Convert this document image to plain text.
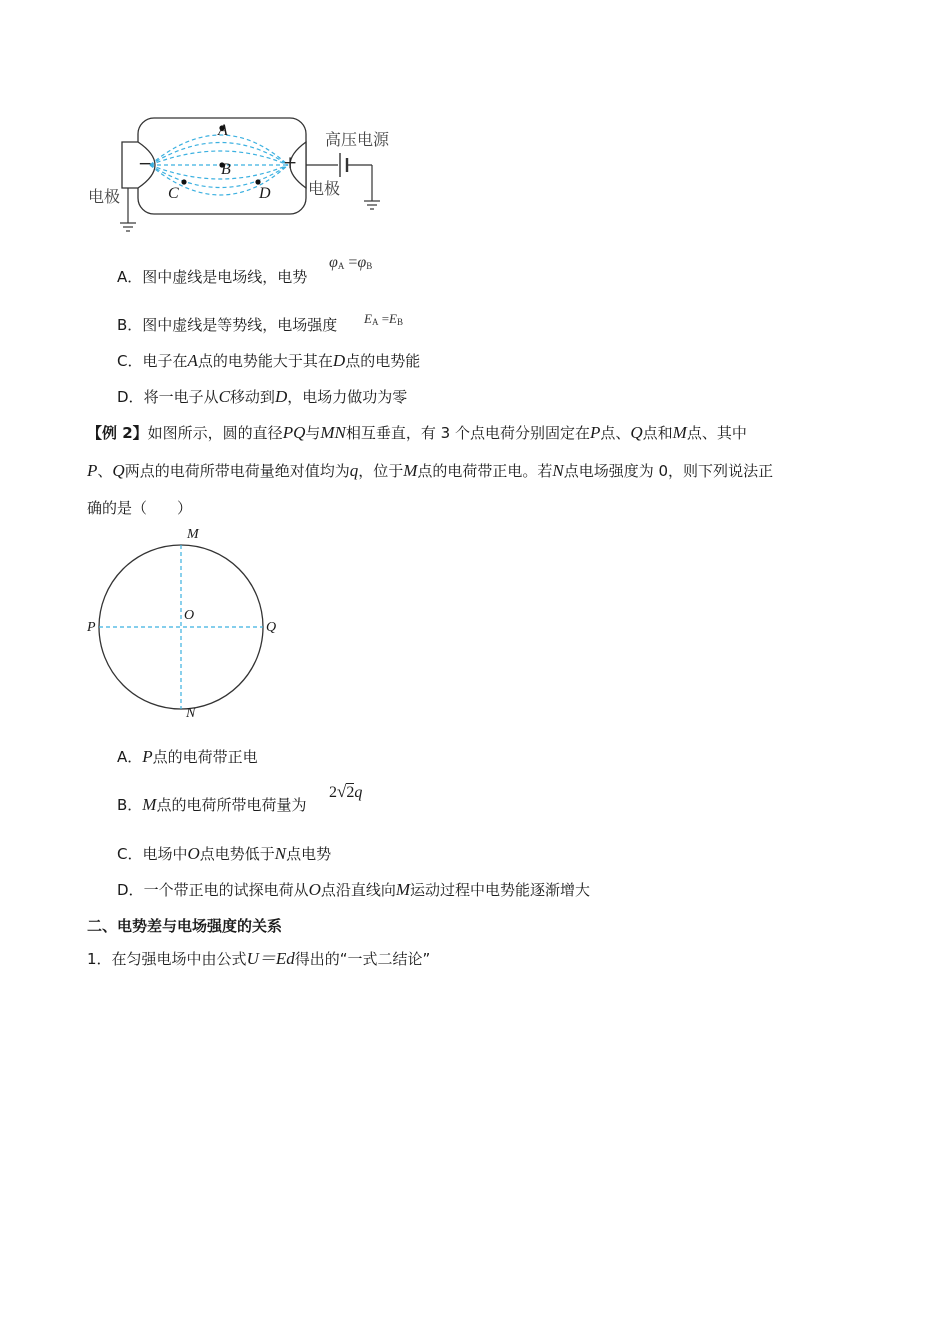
A
B
C	D
−	+
电极	电极
高压电源
A．图中虚线是电场线，电势
$\varphi_A =\varphi_B$
B．图中虚线是等势线，电场强度 $E_A =E_B$
C．电子在A点的电势能大于其在D点的电势能
D．将一电子从C移动到D，电场力做功为零
【例 2】如图所示，圆的直径PQ与MN相互垂直，有 3 个点电荷分别固定在P点、Q点和M点、其中
P、Q两点的电荷所带电荷量绝对值均为q，位于M点的电荷带正电。若N点电场强度为 0，则下列说法正
确的是（　　）
M
N
P	Q
O
A．P点的电荷带正电
B．M点的电荷所带电荷量为
2√2q
C．电场中O点电势低于N点电势
D．一个带正电的试探电荷从O点沿直线向M运动过程中电势能逐渐增大
二、电势差与电场强度的关系
1．在匀强电场中由公式U＝Ed得出的“一式二结论”
